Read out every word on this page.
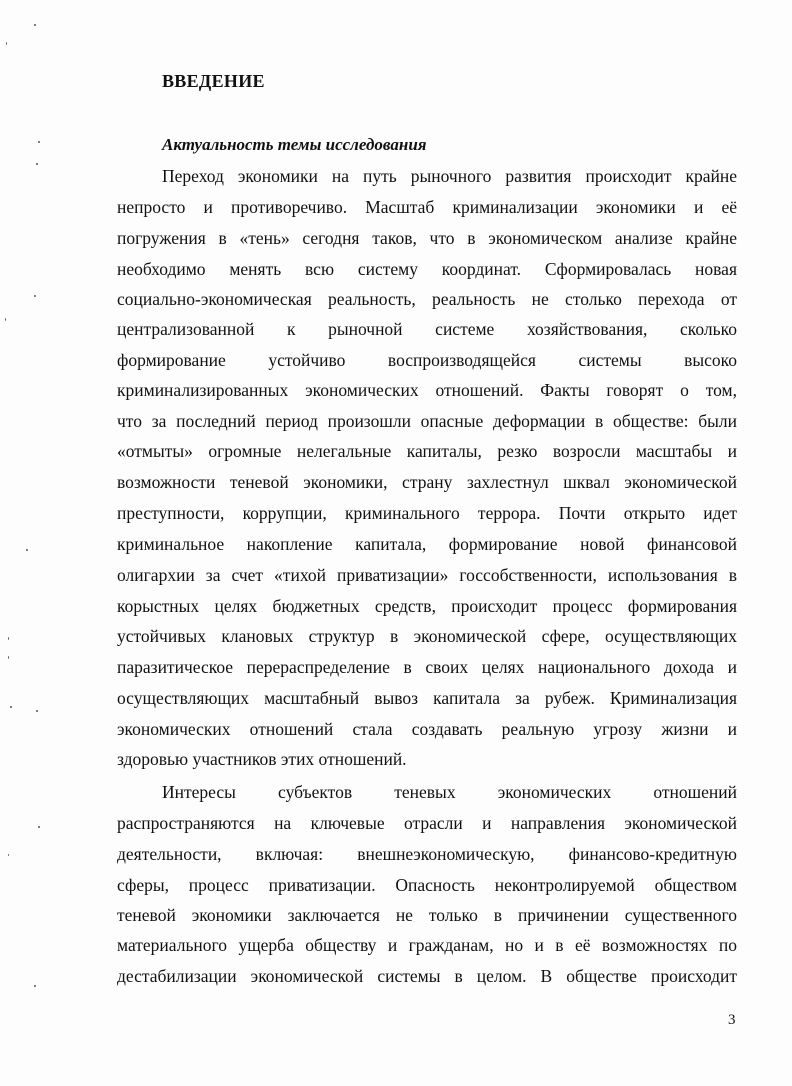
ВВЕДЕНИЕ
Актуальность темы исследования
Переход экономики на путь рыночного развития происходит крайне
непросто и противоречиво. Масштаб криминализации экономики и её
погружения в «тень» сегодня таков, что в экономическом анализе крайне
необходимо менять всю систему координат. Сформировалась новая
социально-экономическая реальность, реальность не столько перехода от
централизованной к рыночной системе хозяйствования, сколько
формирование устойчиво воспроизводящейся системы высоко
криминализированных экономических отношений. Факты говорят о том,
что за последний период произошли опасные деформации в обществе: были
«отмыты» огромные нелегальные капиталы, резко возросли масштабы и
возможности теневой экономики, страну захлестнул шквал экономической
преступности, коррупции, криминального террора. Почти открыто идет
криминальное накопление капитала, формирование новой финансовой
олигархии за счет «тихой приватизации» госсобственности, использования в
корыстных целях бюджетных средств, происходит процесс формирования
устойчивых клановых структур в экономической сфере, осуществляющих
паразитическое перераспределение в своих целях национального дохода и
осуществляющих масштабный вывоз капитала за рубеж. Криминализация
экономических отношений стала создавать реальную угрозу жизни и
здоровью участников этих отношений.
Интересы субъектов теневых экономических отношений
распространяются на ключевые отрасли и направления экономической
деятельности, включая: внешнеэкономическую, финансово-кредитную
сферы, процесс приватизации. Опасность неконтролируемой обществом
теневой экономики заключается не только в причинении существенного
материального ущерба обществу и гражданам, но и в её возможностях по
дестабилизации экономической системы в целом. В обществе происходит
3
